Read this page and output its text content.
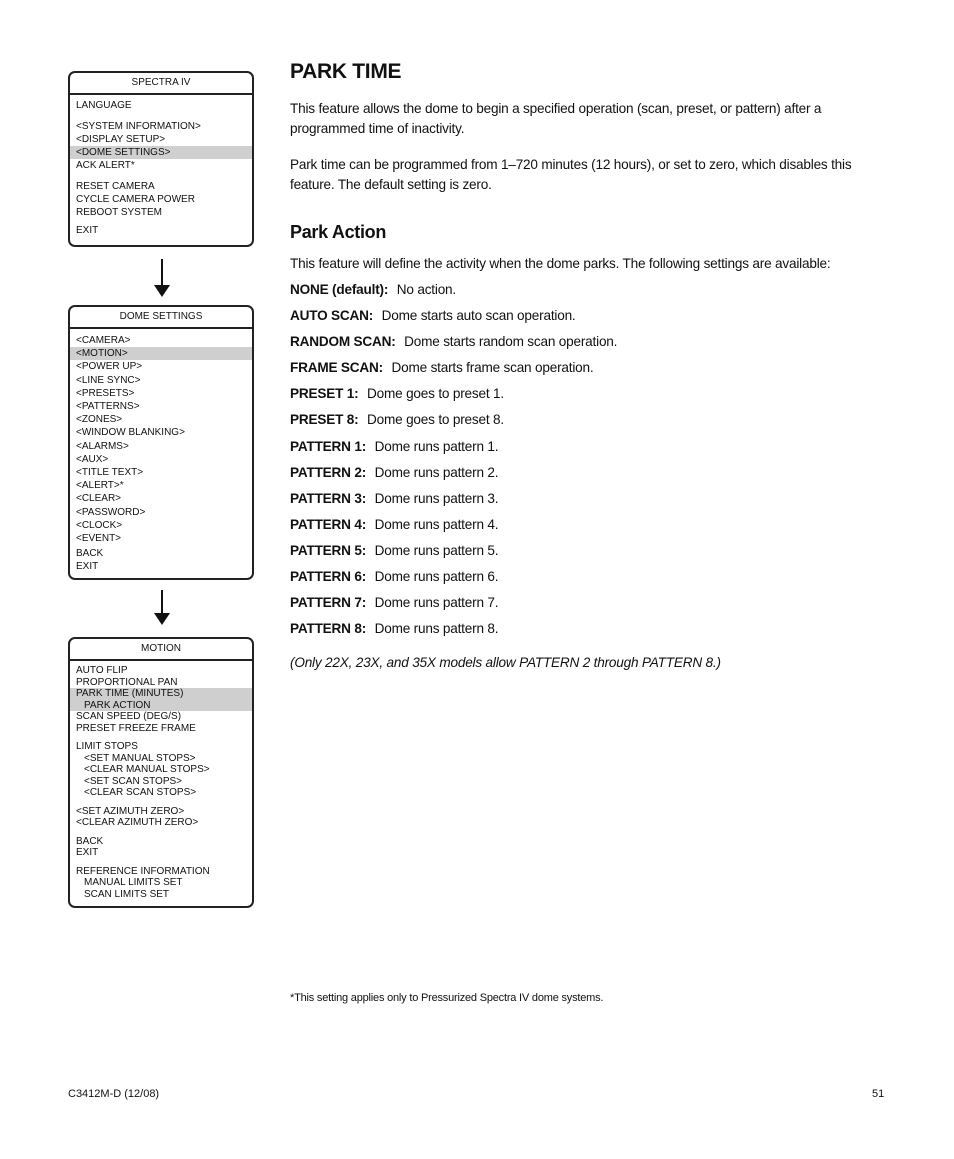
SPECTRA IV
LANGUAGE
<SYSTEM INFORMATION>
<DISPLAY SETUP>
<DOME SETTINGS>
ACK ALERT*
RESET CAMERA
CYCLE CAMERA POWER
REBOOT SYSTEM
EXIT
DOME SETTINGS
<CAMERA>
<MOTION>
<POWER UP>
<LINE SYNC>
<PRESETS>
<PATTERNS>
<ZONES>
<WINDOW BLANKING>
<ALARMS>
<AUX>
<TITLE TEXT>
<ALERT>*
<CLEAR>
<PASSWORD>
<CLOCK>
<EVENT>
BACK
EXIT
MOTION
AUTO FLIP
PROPORTIONAL PAN
PARK TIME (MINUTES)
PARK ACTION
SCAN SPEED (DEG/S)
PRESET FREEZE FRAME
LIMIT STOPS
<SET MANUAL STOPS>
<CLEAR MANUAL STOPS>
<SET SCAN STOPS>
<CLEAR SCAN STOPS>
<SET AZIMUTH ZERO>
<CLEAR AZIMUTH ZERO>
BACK
EXIT
REFERENCE INFORMATION
MANUAL LIMITS SET
SCAN LIMITS SET
PARK TIME

This feature allows the dome to begin a specified operation (scan, preset, or pattern) after a programmed time of inactivity.

Park time can be programmed from 1–720 minutes (12 hours), or set to zero, which disables this feature. The default setting is zero.

Park Action

This feature will define the activity when the dome parks. The following settings are available:

NONE (default): No action.
AUTO SCAN: Dome starts auto scan operation.
RANDOM SCAN: Dome starts random scan operation.
FRAME SCAN: Dome starts frame scan operation.
PRESET 1: Dome goes to preset 1.
PRESET 8: Dome goes to preset 8.
PATTERN 1: Dome runs pattern 1.
PATTERN 2: Dome runs pattern 2.
PATTERN 3: Dome runs pattern 3.
PATTERN 4: Dome runs pattern 4.
PATTERN 5: Dome runs pattern 5.
PATTERN 6: Dome runs pattern 6.
PATTERN 7: Dome runs pattern 7.
PATTERN 8: Dome runs pattern 8.
(Only 22X, 23X, and 35X models allow PATTERN 2 through PATTERN 8.)
*This setting applies only to Pressurized Spectra IV dome systems.
C3412M-D (12/08)	51
